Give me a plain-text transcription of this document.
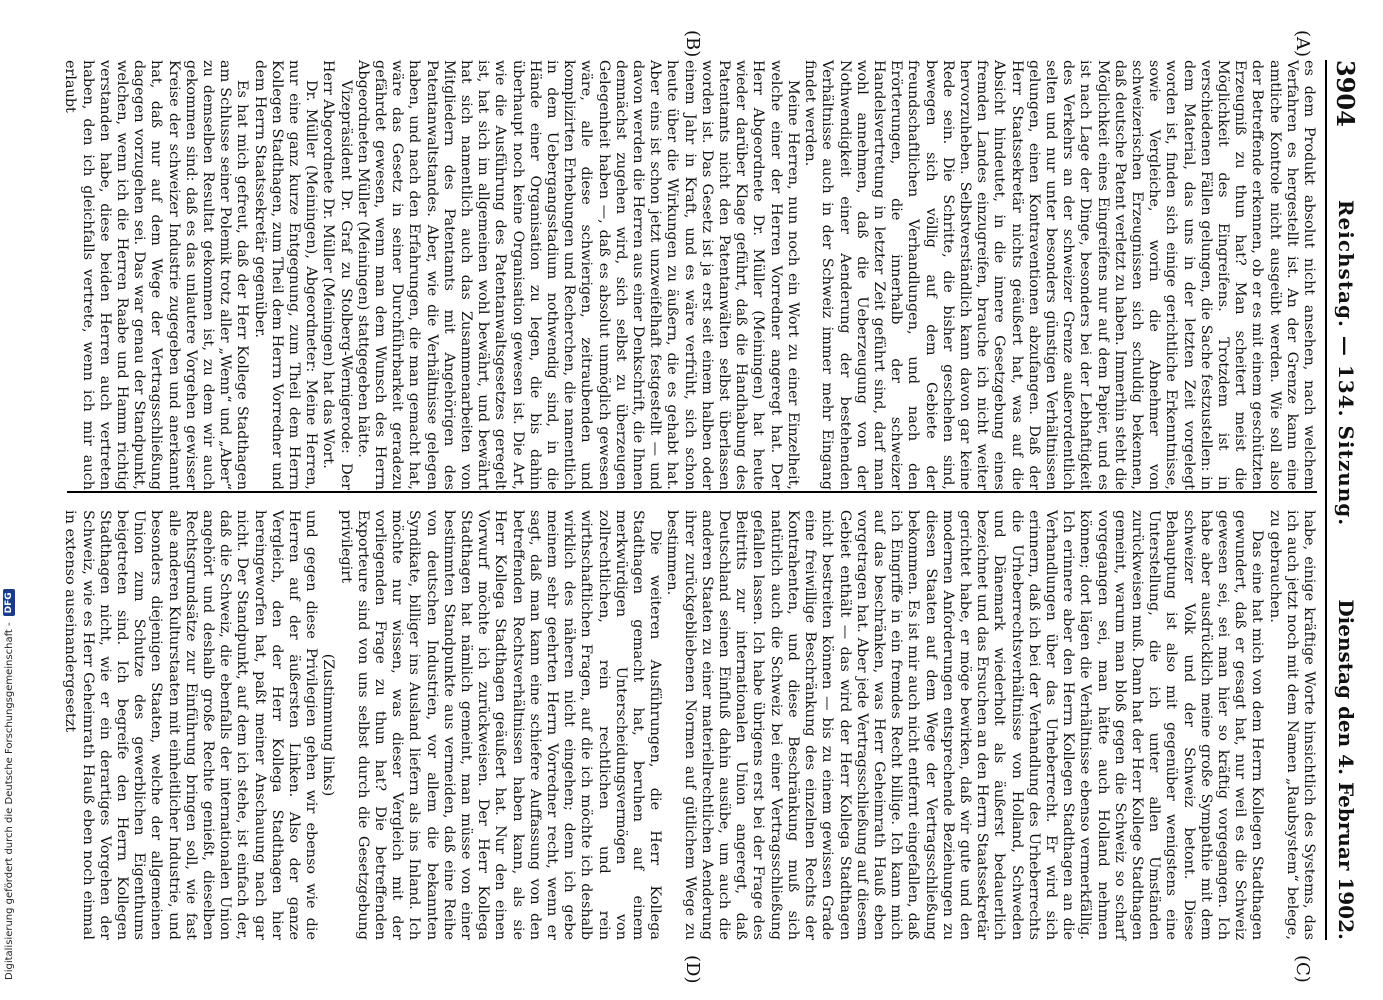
3904
Reichstag. — 134. Sitzung.
Dienstag den 4. Februar 1902.
(A)
(B)
(C)
(D)

es dem Produkt absolut nicht ansehen, nach welchem Verfahren es hergestellt ist. An der Grenze kann eine amtliche Kontrole nicht ausgeübt werden. Wie soll also der Betreffende erkennen, ob er es mit einem geschützten Erzeugniß zu thun hat? Man scheitert meist die Möglichkeit des Eingreifens. Trotzdem ist in verschiedenen Fällen gelungen, die Sache festzustellen: in dem Material, das uns in der letzten Zeit vorgelegt worden ist, finden sich einige gerichtliche Erkenntnisse, sowie Vergleiche, worin die Abnehmer von schweizerischen Erzeugnissen sich schuldig bekennen, daß deutsche Patent verletzt zu haben. Immerhin steht die Möglichkeit eines Eingreifens nur auf dem Papier, und es ist nach Lage der Dinge, besonders bei der Lebhaftigkeit des Verkehrs an der schweizer Grenze außerordentlich selten und nur unter besonders günstigen Verhältnissen gelungen, einen Kontraventionen abzufangen. Daß der Herr Staatssekretär nichts geäußert hat, was auf die Absicht hindeutet, in die innere Gesetzgebung eines fremden Landes einzugreifen, brauche ich nicht weiter hervorzuheben. Selbstverständlich kann davon gar keine Rede sein. Die Schritte, die bisher geschehen sind, bewegen sich völlig auf dem Gebiete der freundschaftlichen Verhandlungen, und nach den Erörterungen, die innerhalb der schweizer Handelsvertretung in letzter Zeit geführt sind, darf man wohl annehmen, daß die Ueberzeugung von der Nothwendigkeit einer Aenderung der bestehenden Verhältnisse auch in der Schweiz immer mehr Eingang findet werden.

Meine Herren, nun noch ein Wort zu einer Einzelheit, welche einer der Herren Vorredner angeregt hat. Der Herr Abgeordnete Dr. Müller (Meiningen) hat heute wieder darüber Klage geführt, daß die Handhabung des Patentamts nicht den Patentanwälten selbst überlassen worden ist. Das Gesetz ist ja erst seit einem halben oder einem Jahr in Kraft, und es wäre verfrüht, sich schon heute über die Wirkungen zu äußern, die es gehabt hat. Aber eins ist schon jetzt unzweifelhaft festgestellt — und davon werden die Herren aus einer Denkschrift, die Ihnen demnächst zugehen wird, sich selbst zu überzeugen Gelegenheit haben —, daß es absolut unmöglich gewesen wäre, alle diese schwierigen, zeitraubenden und komplizirten Erhebungen und Recherchen, die namentlich in dem Uebergangsstadium nothwendig sind, in die Hände einer Organisation zu legen, die bis dahin überhaupt noch keine Organisation gewesen ist. Die Art, wie die Ausführung des Patentanwaltsgesetzes geregelt ist, hat sich im allgemeinen wohl bewährt, und bewährt hat sich namentlich auch das Zusammenarbeiten von Mitgliedern des Patentamts mit Angehörigen des Patentanwaltstandes. Aber, wie die Verhältnisse gelegen haben, und nach den Erfahrungen, die man gemacht hat, wäre das Gesetz in seiner Durchführbarkeit geradezu gefährdet gewesen, wenn man dem Wunsch des Herrn Abgeordneten Müller (Meiningen) stattgegeben hätte.

Vizepräsident Dr. Graf zu Stolberg-Wernigerode: Der Herr Abgeordnete Dr. Müller (Meiningen) hat das Wort.

Dr. Müller (Meiningen), Abgeordneter: Meine Herren, nur eine ganz kurze Entgegnung, zum Theil dem Herrn Kollegen Stadthagen, zum Theil dem Herrn Vorredner und dem Herrn Staatssekretär gegenüber.

Es hat mich gefreut, daß der Herr Kollege Stadthagen am Schlusse seiner Polemik trotz aller „Wenn“ und „Aber“ zu demselben Resultat gekommen ist, zu dem wir auch gekommen sind: daß es das unlautere Vorgehen gewisser Kreise der schweizer Industrie zugegeben und anerkannt hat, daß nur auf dem Wege der Vertragsschließung dagegen vorzugehen sei. Das war genau der Standpunkt, welchen, wenn ich die Herren Raabe und Hamm richtig verstanden habe, diese beiden Herren auch vertreten haben, den ich gleichfalls vertrete, wenn ich mir auch erlaubt

habe, einige kräftige Worte hinsichtlich des Systems, das ich auch jetzt noch mit dem Namen „Raubsystem“ belege, zu gebrauchen.

Das eine hat mich von dem Herrn Kollegen Stadthagen gewundert, daß er gesagt hat, nur weil es die Schweiz gewesen sei, sei man hier so kräftig vorgegangen. Ich habe aber ausdrücklich meine große Sympathie mit dem schweizer Volk und der Schweiz betont. Diese Behauptung ist also mit gegenüber wenigstens eine Unterstellung, die ich unter allen Umständen zurückweisen muß. Dann hat der Herr Kollege Stadthagen gemeint, warum man bloß gegen die Schweiz so scharf vorgegangen sei, man hätte auch Holland nehmen können; dort lägen die Verhältnisse ebenso vermerkfällig. Ich erinnere aber den Herrn Kollegen Stadthagen an die Verhandlungen über das Urheberrecht. Er wird sich erinnern, daß ich bei der Verhandlung des Urheberrechts die Urheberrechtsverhältnisse von Holland, Schweden und Dänemark wiederholt als äußerst bedauerlich bezeichnet und das Ersuchen an den Herrn Staatssekretär gerichtet habe, er möge bewirken, daß wir gute und den modernen Anforderungen entsprechende Beziehungen zu diesen Staaten auf dem Wege der Vertragsschließung bekommen. Es ist mir auch nicht entfernt eingefallen, daß ich Eingriffe in ein fremdes Recht billige. Ich kann mich auf das beschränken, was Herr Geheimrath Hauß eben vorgetragen hat. Aber jede Vertragsschließung auf diesem Gebiet enthält — das wird der Herr Kollega Stadthagen nicht bestreiten können — bis zu einem gewissen Grade eine freiwillige Beschränkung des einzelnen Rechts der Kontrahenten, und diese Beschränkung muß sich natürlich auch die Schweiz bei einer Vertragsschließung gefallen lassen. Ich habe übrigens erst bei der Frage des Beitritts zur internationalen Union angeregt, daß Deutschland seinen Einfluß dahin ausübe, um auch die anderen Staaten zu einer materiellrechtlichen Aenderung ihrer zurückgebliebenen Normen auf gütlichem Wege zu bestimmen.

Die weiteren Ausführungen, die Herr Kollega Stadthagen gemacht hat, beruhen auf einem merkwürdigen Unterscheidungsvermögen von zollrechtlichen, rein rechtlichen und rein wirthschaftlichen Fragen, auf die ich möchte ich deshalb wirklich des näheren nicht eingehen; denn ich gebe meinem sehr geehrten Herrn Vorredner recht, wenn er sagt, daß man kann eine schiefere Auffassung von den betreffenden Rechtsverhältnissen haben kann, als sie Herr Kollega Stadthagen geäußert hat. Nur den einen Vorwurf möchte ich zurückweisen. Der Herr Kollega Stadthagen hat nämlich gemeint, man müsse von einer bestimmten Standpunkte aus vermeiden, daß eine Reihe von deutschen Industrien, vor allem die bekannten Syndikate, billiger ins Ausland liefern als ins Inland. Ich möchte nur wissen, was dieser Vergleich mit der vorliegenden Frage zu thun hat? Die betreffenden Exporteure sind von uns selbst durch die Gesetzgebung privilegirt

(Zustimmung links)

und gegen diese Privilegien gehen wir ebenso wie die Herren auf der äußersten Linken. Also der ganze Vergleich, den der Herr Kollega Stadthagen hier hereingeworfen hat, paßt meiner Anschauung nach gar nicht. Der Standpunkt, auf dem ich stehe, ist einfach der, daß die Schweiz, die ebenfalls der internationalen Union angehört und deshalb große Rechte genießt, dieselben Rechtsgrundsätze zur Einführung bringen soll, wie fast alle anderen Kulturstaaten mit einheitlicher Industrie, und besonders diejenigen Staaten, welche der allgemeinen Union zum Schutze des gewerblichen Eigenthums beigetreten sind. Ich begreife den Herrn Kollegen Stadthagen nicht, wie er ein derartiges Vorgehen der Schweiz, wie es Herr Geheimrath Hauß eben noch einmal in extenso auseinandergesetzt

Digitalisierung gefördert durch die Deutsche Forschungsgemeinschaft -
DFG
